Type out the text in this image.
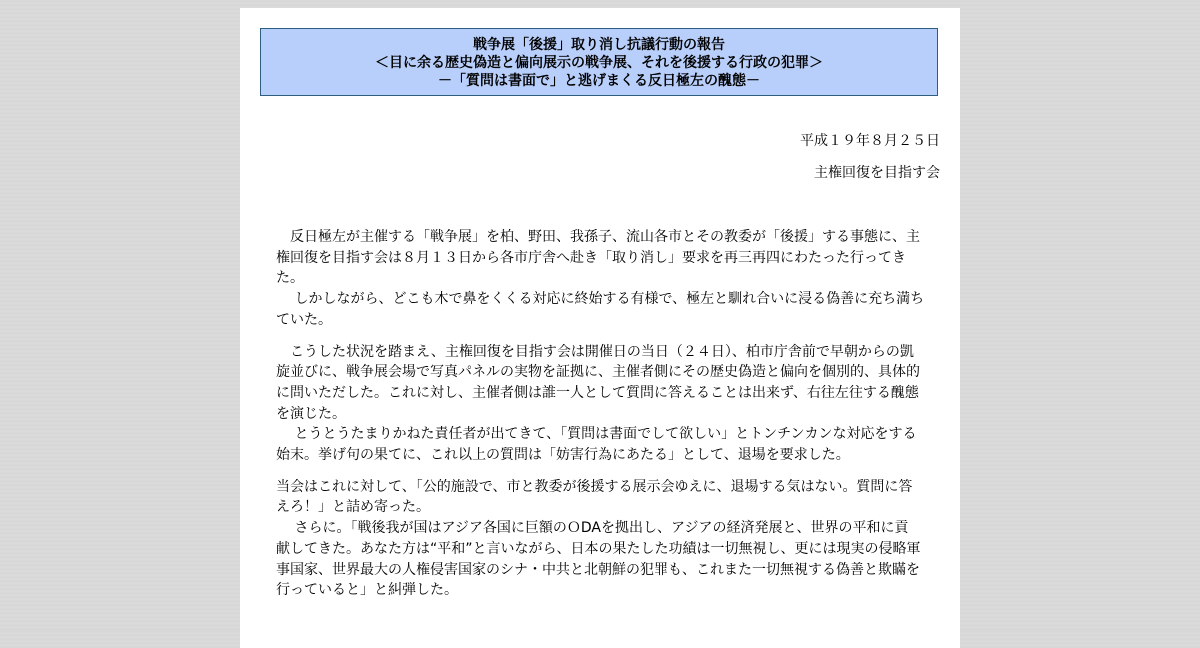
戦争展「後援」取り消し抗議行動の報告
＜目に余る歴史偽造と偏向展示の戦争展、それを後援する行政の犯罪＞
－「質問は書面で」と逃げまくる反日極左の醜態－
平成１９年８月２５日
主権回復を目指す会

　反日極左が主催する「戦争展」を柏、野田、我孫子、流山各市とその教委が「後援」する事態に、主
権回復を目指す会は８月１３日から各市庁舎へ赴き「取り消し」要求を再三再四にわたった行ってき
た。
　 しかしながら、どこも木で鼻をくくる対応に終始する有様で、極左と馴れ合いに浸る偽善に充ち満ち
ていた。

　こうした状況を踏まえ、主権回復を目指す会は開催日の当日（２４日）、柏市庁舎前で早朝からの凱
旋並びに、戦争展会場で写真パネルの実物を証拠に、主催者側にその歴史偽造と偏向を個別的、具体的
に問いただした。これに対し、主催者側は誰一人として質問に答えることは出来ず、右往左往する醜態
を演じた。
　 とうとうたまりかねた責任者が出てきて、「質問は書面でして欲しい」とトンチンカンな対応をする
始末。挙げ句の果てに、これ以上の質問は「妨害行為にあたる」として、退場を要求した。

当会はこれに対して、「公的施設で、市と教委が後援する展示会ゆえに、退場する気はない。質問に答
えろ！」と詰め寄った。
　 さらに。「戦後我が国はアジア各国に巨額のＯDAを拠出し、アジアの経済発展と、世界の平和に貢
献してきた。あなた方は“平和”と言いながら、日本の果たした功績は一切無視し、更には現実の侵略軍
事国家、世界最大の人権侵害国家のシナ・中共と北朝鮮の犯罪も、これまた一切無視する偽善と欺瞞を
行っていると」と糾弾した。
